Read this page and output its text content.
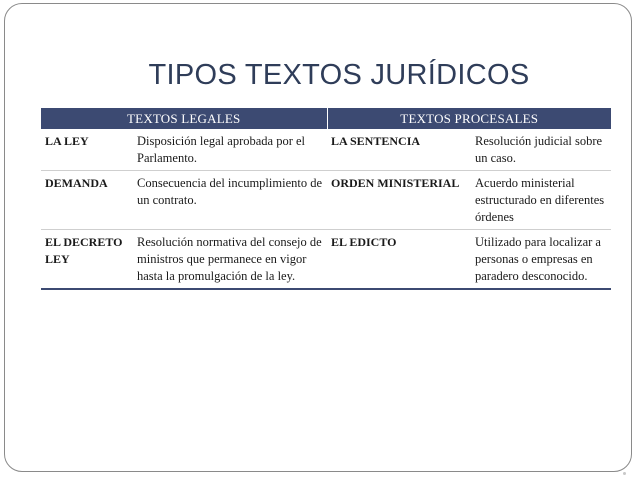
TIPOS TEXTOS JURÍDICOS
TEXTOS LEGALES		TEXTOS PROCESALES	
LA LEY	Disposición legal aprobada por el Parlamento.	LA SENTENCIA	Resolución judicial sobre un caso.
DEMANDA	Consecuencia del incumplimiento de un contrato.	ORDEN MINISTERIAL	Acuerdo ministerial estructurado en diferentes órdenes
EL DECRETO LEY	Resolución normativa del consejo de ministros que permanece en vigor hasta la promulgación de la ley.	EL EDICTO	Utilizado para localizar a personas o empresas en paradero desconocido.
